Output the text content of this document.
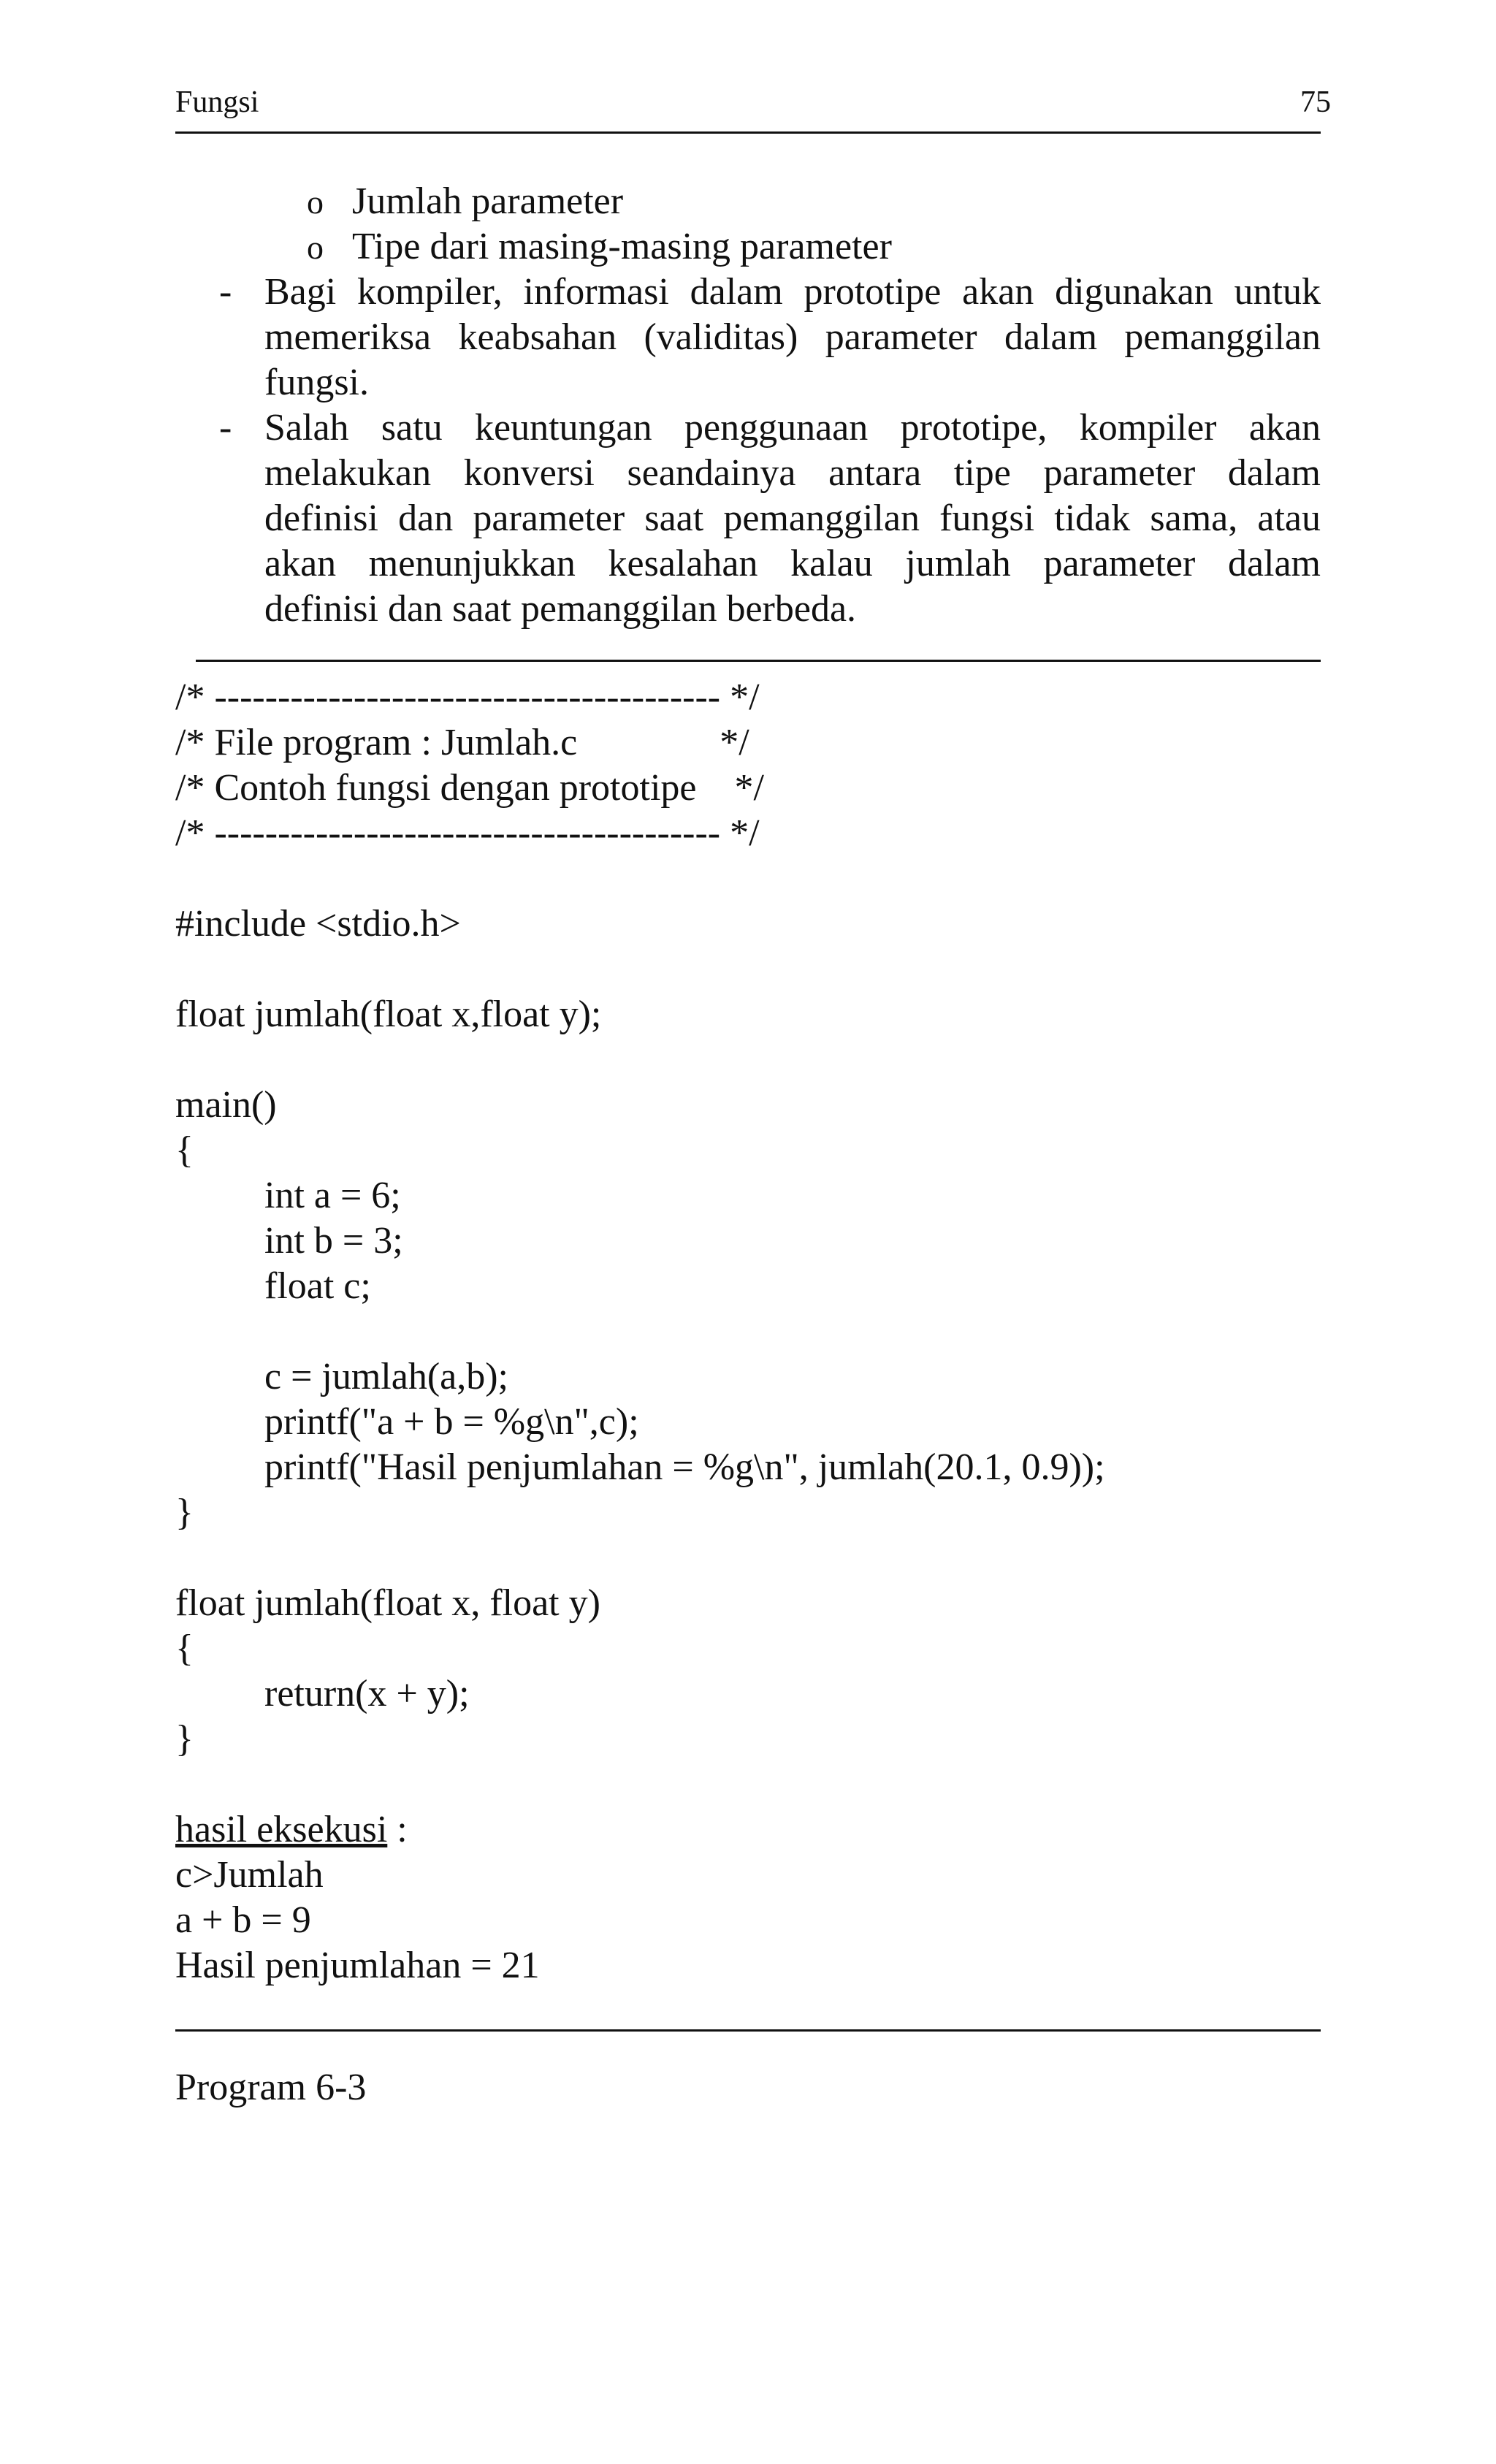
Fungsi	75
o Jumlah parameter
o Tipe dari masing-masing parameter
- Bagi kompiler, informasi dalam prototipe akan digunakan untuk
memeriksa keabsahan (validitas) parameter dalam pemanggilan
fungsi.
- Salah satu keuntungan penggunaan prototipe, kompiler akan
melakukan konversi seandainya antara tipe parameter dalam
definisi dan parameter saat pemanggilan fungsi tidak sama, atau
akan menunjukkan kesalahan kalau jumlah parameter dalam
definisi dan saat pemanggilan berbeda.
/* ---------------------------------------- */
/* File program : Jumlah.c               */
/* Contoh fungsi dengan prototipe    */
/* ---------------------------------------- */
#include <stdio.h>
float jumlah(float x,float y);
main()
{
int a = 6;
int b = 3;
float c;
c = jumlah(a,b);
printf("a + b = %g\n",c);
printf("Hasil penjumlahan = %g\n", jumlah(20.1, 0.9));
}
float jumlah(float x, float y)
{
return(x + y);
}
hasil eksekusi :
c>Jumlah
a + b = 9
Hasil penjumlahan = 21
Program 6-3
